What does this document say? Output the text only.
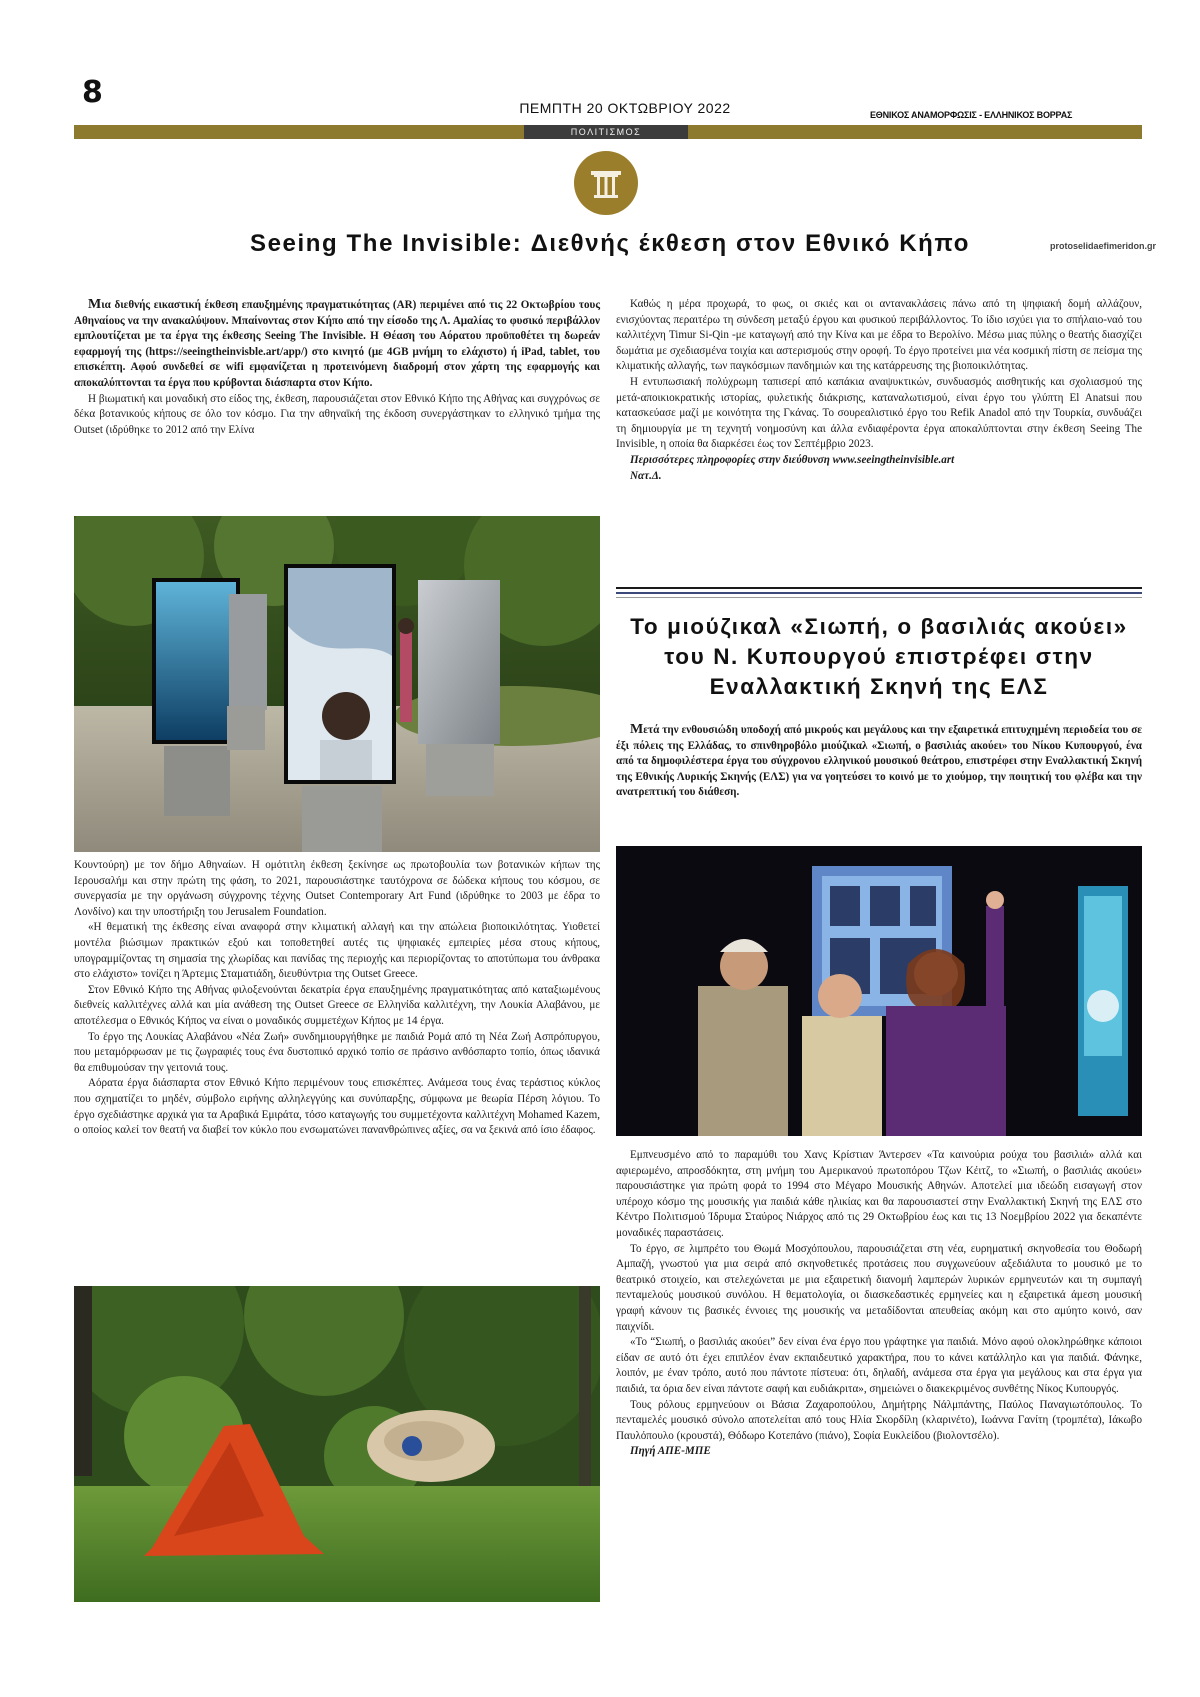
8	ΠΕΜΠΤΗ 20 ΟΚΤΩΒΡΙΟΥ 2022	ΕΘΝΙΚΟΣ ΑΝΑΜΟΡΦΩΣΙΣ - ΕΛΛΗΝΙΚΟΣ ΒΟΡΡΑΣ
ΠΟΛΙΤΙΣΜΟΣ
protoselidaefimeridon.gr
Seeing The Invisible: Διεθνής έκθεση στον Εθνικό Κήπο

Μια διεθνής εικαστική έκθεση επαυξημένης πραγματικότητας (AR) περιμένει από τις 22 Οκτωβρίου τους Αθηναίους να την ανακαλύψουν. Μπαίνοντας στον Κήπο από την είσοδο της Λ. Αμαλίας το φυσικό περιβάλλον εμπλουτίζεται με τα έργα της έκθεσης Seeing The Invisible. Η Θέαση του Αόρατου προϋποθέτει τη δωρεάν εφαρμογή της (https://seeingtheinvisble.art/app/) στο κινητό (με 4GB μνήμη το ελάχιστο) ή iPad, tablet, του επισκέπτη. Αφού συνδεθεί σε wifi εμφανίζεται η προτεινόμενη διαδρομή στον χάρτη της εφαρμογής και αποκαλύπτονται τα έργα που κρύβονται διάσπαρτα στον Κήπο.

Η βιωματική και μοναδική στο είδος της, έκθεση, παρουσιάζεται στον Εθνικό Κήπο της Αθήνας και συγχρόνως σε δέκα βοτανικούς κήπους σε όλο τον κόσμο. Για την αθηναϊκή της έκδοση συνεργάστηκαν το ελληνικό τμήμα της Outset (ιδρύθηκε το 2012 από την Ελίνα

Κουντούρη) με τον δήμο Αθηναίων. Η ομότιτλη έκθεση ξεκίνησε ως πρωτοβουλία των βοτανικών κήπων της Ιερουσαλήμ και στην πρώτη της φάση, το 2021, παρουσιάστηκε ταυτόχρονα σε δώδεκα κήπους του κόσμου, σε συνεργασία με την οργάνωση σύγχρονης τέχνης Outset Contemporary Art Fund (ιδρύθηκε το 2003 με έδρα το Λονδίνο) και την υποστήριξη του Jerusalem Foundation.

«Η θεματική της έκθεσης είναι αναφορά στην κλιματική αλλαγή και την απώλεια βιοποικιλότητας. Υιοθετεί μοντέλα βιώσιμων πρακτικών εξού και τοποθετηθεί αυτές τις ψηφιακές εμπειρίες μέσα στους κήπους, υπογραμμίζοντας τη σημασία της χλωρίδας και πανίδας της περιοχής και περιορίζοντας το αποτύπωμα του άνθρακα στο ελάχιστο» τονίζει η Άρτεμις Σταματιάδη, διευθύντρια της Outset Greece.

Στον Εθνικό Κήπο της Αθήνας φιλοξενούνται δεκατρία έργα επαυξημένης πραγματικότητας από καταξιωμένους διεθνείς καλλιτέχνες αλλά και μία ανάθεση της Outset Greece σε Ελληνίδα καλλιτέχνη, την Λουκία Αλαβάνου, με αποτέλεσμα ο Εθνικός Κήπος να είναι ο μοναδικός συμμετέχων Κήπος με 14 έργα.

Το έργο της Λουκίας Αλαβάνου «Νέα Ζωή» συνδημιουργήθηκε με παιδιά Ρομά από τη Νέα Ζωή Ασπρόπυργου, που μεταμόρφωσαν με τις ζωγραφιές τους ένα δυστοπικό αρχικό τοπίο σε πράσινο ανθόσπαρτο τοπίο, όπως ιδανικά θα επιθυμούσαν την γειτονιά τους.

Αόρατα έργα διάσπαρτα στον Εθνικό Κήπο περιμένουν τους επισκέπτες. Ανάμεσα τους ένας τεράστιος κύκλος που σχηματίζει το μηδέν, σύμβολο ειρήνης αλληλεγγύης και συνύπαρξης, σύμφωνα με θεωρία Πέρση λόγιου. Το έργο σχεδιάστηκε αρχικά για τα Αραβικά Εμιράτα, τόσο καταγωγής του συμμετέχοντα καλλιτέχνη Mohamed Kazem, ο οποίος καλεί τον θεατή να διαβεί τον κύκλο που ενσωματώνει πανανθρώπινες αξίες, σα να ξεκινά από ίσιο έδαφος.

Καθώς η μέρα προχωρά, το φως, οι σκιές και οι αντανακλάσεις πάνω από τη ψηφιακή δομή αλλάζουν, ενισχύοντας περαιτέρω τη σύνδεση μεταξύ έργου και φυσικού περιβάλλοντος. Το ίδιο ισχύει για το σπήλαιο-ναό του καλλιτέχνη Timur Si-Qin -με καταγωγή από την Κίνα και με έδρα το Βερολίνο. Μέσω μιας πύλης ο θεατής διασχίζει δωμάτια με σχεδιασμένα τοιχία και αστερισμούς στην οροφή. Το έργο προτείνει μια νέα κοσμική πίστη σε πείσμα της κλιματικής αλλαγής, των παγκόσμιων πανδημιών και της κατάρρευσης της βιοποικιλότητας.

Η εντυπωσιακή πολύχρωμη ταπισερί από καπάκια αναψυκτικών, συνδυασμός αισθητικής και σχολιασμού της μετά-αποικιοκρατικής ιστορίας, φυλετικής διάκρισης, καταναλωτισμού, είναι έργο του γλύπτη El Anatsui που κατασκεύασε μαζί με κοινότητα της Γκάνας. Το σουρεαλιστικό έργο του Refik Anadol από την Τουρκία, συνδυάζει τη δημιουργία με τη τεχνητή νοημοσύνη και άλλα ενδιαφέροντα έργα αποκαλύπτονται στην έκθεση Seeing The Invisible, η οποία θα διαρκέσει έως τον Σεπτέμβριο 2023.

Περισσότερες πληροφορίες στην διεύθυνση www.seeingtheinvisible.art

Νατ.Δ.

Το μιούζικαλ «Σιωπή, ο βασιλιάς ακούει» του Ν. Κυπουργού επιστρέφει στην Εναλλακτική Σκηνή της ΕΛΣ

Μετά την ενθουσιώδη υποδοχή από μικρούς και μεγάλους και την εξαιρετικά επιτυχημένη περιοδεία του σε έξι πόλεις της Ελλάδας, το σπινθηροβόλο μιούζικαλ «Σιωπή, ο βασιλιάς ακούει» του Νίκου Κυπουργού, ένα από τα δημοφιλέστερα έργα του σύγχρονου ελληνικού μουσικού θεάτρου, επιστρέφει στην Εναλλακτική Σκηνή της Εθνικής Λυρικής Σκηνής (ΕΛΣ) για να γοητεύσει το κοινό με το χιούμορ, την ποιητική του φλέβα και την ανατρεπτική του διάθεση.

Εμπνευσμένο από το παραμύθι του Χανς Κρίστιαν Άντερσεν «Τα καινούρια ρούχα του βασιλιά» αλλά και αφιερωμένο, απροσδόκητα, στη μνήμη του Αμερικανού πρωτοπόρου Τζων Κέιτζ, το «Σιωπή, ο βασιλιάς ακούει» παρουσιάστηκε για πρώτη φορά το 1994 στο Μέγαρο Μουσικής Αθηνών. Αποτελεί μια ιδεώδη εισαγωγή στον υπέροχο κόσμο της μουσικής για παιδιά κάθε ηλικίας και θα παρουσιαστεί στην Εναλλακτική Σκηνή της ΕΛΣ στο Κέντρο Πολιτισμού Ίδρυμα Σταύρος Νιάρχος από τις 29 Οκτωβρίου έως και τις 13 Νοεμβρίου 2022 για δεκαπέντε μοναδικές παραστάσεις.

Το έργο, σε λιμπρέτο του Θωμά Μοσχόπουλου, παρουσιάζεται στη νέα, ευρηματική σκηνοθεσία του Θοδωρή Αμπαζή, γνωστού για μια σειρά από σκηνοθετικές προτάσεις που συγχωνεύουν αξεδιάλυτα το μουσικό με το θεατρικό στοιχείο, και στελεχώνεται με μια εξαιρετική διανομή λαμπερών λυρικών ερμηνευτών και τη συμπαγή πενταμελούς μουσικού συνόλου. Η θεματολογία, οι διασκεδαστικές ερμηνείες και η εξαιρετικά άμεση μουσική γραφή κάνουν τις βασικές έννοιες της μουσικής να μεταδίδονται απευθείας ακόμη και στο αμύητο κοινό, σαν παιχνίδι.

«Το “Σιωπή, ο βασιλιάς ακούει” δεν είναι ένα έργο που γράφτηκε για παιδιά. Μόνο αφού ολοκληρώθηκε κάποιοι είδαν σε αυτό ότι έχει επιπλέον έναν εκπαιδευτικό χαρακτήρα, που το κάνει κατάλληλο και για παιδιά. Φάνηκε, λοιπόν, με έναν τρόπο, αυτό που πάντοτε πίστευα: ότι, δηλαδή, ανάμεσα στα έργα για μεγάλους και στα έργα για παιδιά, τα όρια δεν είναι πάντοτε σαφή και ευδιάκριτα», σημειώνει ο διακεκριμένος συνθέτης Νίκος Κυπουργός.

Τους ρόλους ερμηνεύουν οι Βάσια Ζαχαροπούλου, Δημήτρης Νάλμπάντης, Παύλος Παναγιωτόπουλος. Το πενταμελές μουσικό σύνολο αποτελείται από τους Ηλία Σκορδίλη (κλαρινέτο), Ιωάννα Γανίτη (τρομπέτα), Ιάκωβο Παυλόπουλο (κρουστά), Θόδωρο Κοτεπάνο (πιάνο), Σοφία Ευκλείδου (βιολοντσέλο).

Πηγή ΑΠΕ-ΜΠΕ
